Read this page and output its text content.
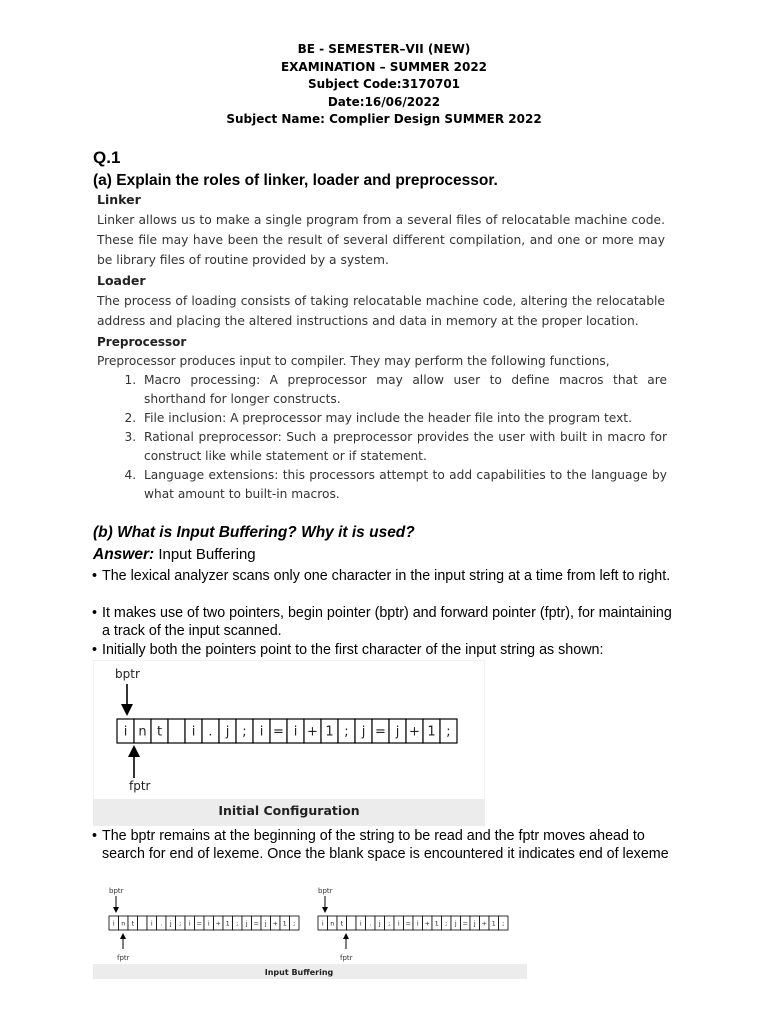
BE - SEMESTER–VII (NEW)
EXAMINATION – SUMMER 2022
Subject Code:3170701
Date:16/06/2022
Subject Name: Complier Design SUMMER 2022
Q.1
(a) Explain the roles of linker, loader and preprocessor.
Linker
Linker allows us to make a single program from a several files of relocatable machine code. These file may have been the result of several different compilation, and one or more may be library files of routine provided by a system.
Loader
The process of loading consists of taking relocatable machine code, altering the relocatable address and placing the altered instructions and data in memory at the proper location.
Preprocessor
Preprocessor produces input to compiler. They may perform the following functions,
1. Macro processing: A preprocessor may allow user to define macros that are shorthand for longer constructs.
2. File inclusion: A preprocessor may include the header file into the program text.
3. Rational preprocessor: Such a preprocessor provides the user with built in macro for construct like while statement or if statement.
4. Language extensions: this processors attempt to add capabilities to the language by what amount to built-in macros.
(b) What is Input Buffering? Why it is used?
Answer: Input Buffering
• The lexical analyzer scans only one character in the input string at a time from left to right.
• It makes use of two pointers, begin pointer (bptr) and forward pointer (fptr), for maintaining a track of the input scanned.
• Initially both the pointers point to the first character of the input string as shown:
bptr
i n t i . j ; i = i + 1 ; j = j + 1 ;
fptr
Initial Configuration
• The bptr remains at the beginning of the string to be read and the fptr moves ahead to search for end of lexeme. Once the blank space is encountered it indicates end of lexeme
bptr
i n t	i . j ; i = i + 1 ; j = j + 1 ;
fptr
bptr
i n t	i . j ; i = i + 1 ; j = j + 1 ;
fptr
Input Buffering
